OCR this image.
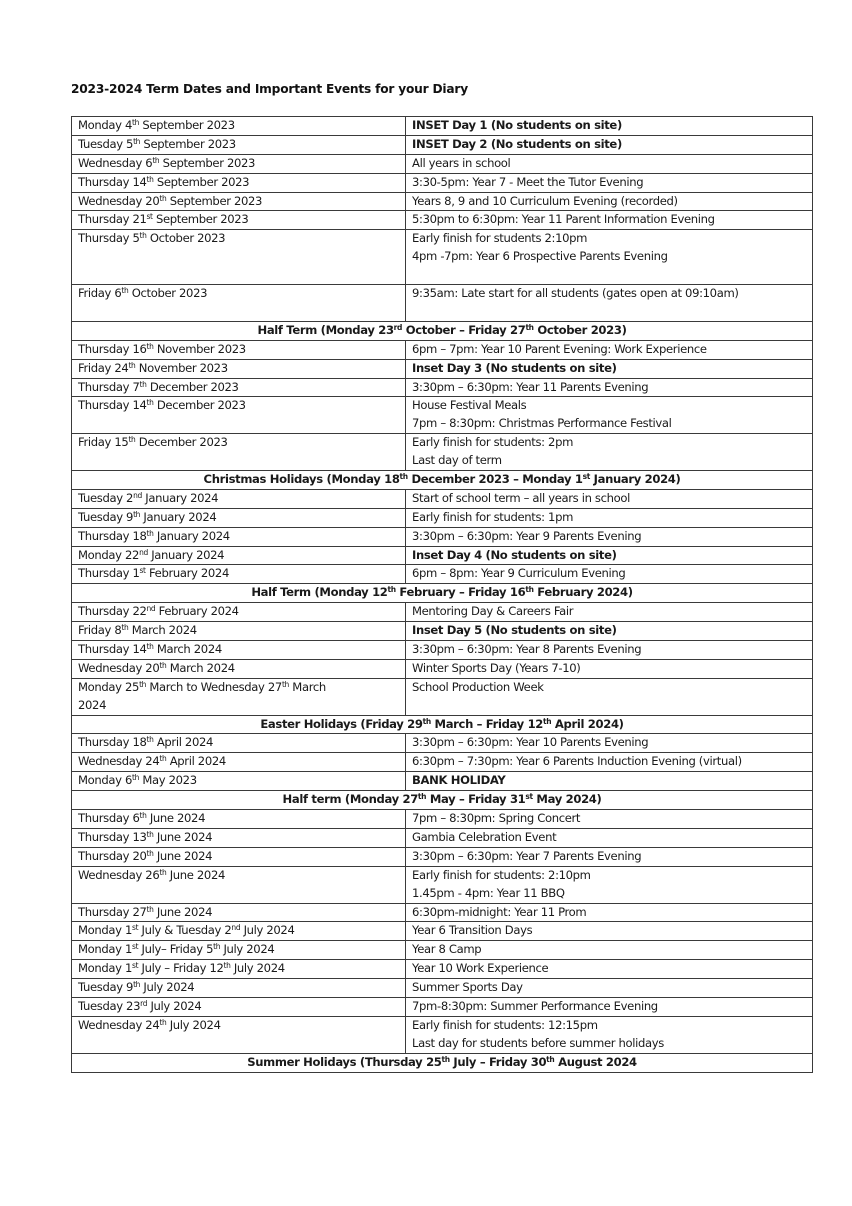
2023-2024 Term Dates and Important Events for your Diary
Monday 4th September 2023	INSET Day 1 (No students on site)

Tuesday 5th September 2023	INSET Day 2 (No students on site)

Wednesday 6th September 2023	All years in school

Thursday 14th September 2023	3:30-5pm: Year 7 - Meet the Tutor Evening

Wednesday 20th September 2023	Years 8, 9 and 10 Curriculum Evening (recorded)

Thursday 21st September 2023	5:30pm to 6:30pm: Year 11 Parent Information Evening

Thursday 5th October 2023	Early finish for students 2:10pm
4pm -7pm: Year 6 Prospective Parents Evening

Friday 6th October 2023	9:35am: Late start for all students (gates open at 09:10am)

Half Term (Monday 23rd October – Friday 27th October 2023)	

Thursday 16th November 2023	6pm – 7pm: Year 10 Parent Evening: Work Experience

Friday 24th November 2023	Inset Day 3 (No students on site)

Thursday 7th December 2023	3:30pm – 6:30pm: Year 11 Parents Evening

Thursday 14th December 2023	House Festival Meals
7pm – 8:30pm: Christmas Performance Festival

Friday 15th December 2023	Early finish for students: 2pm
Last day of term

Christmas Holidays (Monday 18th December 2023 – Monday 1st January 2024)	

Tuesday 2nd January 2024	Start of school term – all years in school

Tuesday 9th January 2024	Early finish for students: 1pm

Thursday 18th January 2024	3:30pm – 6:30pm: Year 9 Parents Evening

Monday 22nd January 2024	Inset Day 4 (No students on site)

Thursday 1st February 2024	6pm – 8pm: Year 9 Curriculum Evening

Half Term (Monday 12th February – Friday 16th February 2024)	

Thursday 22nd February 2024	Mentoring Day & Careers Fair

Friday 8th March 2024	Inset Day 5 (No students on site)

Thursday 14th March 2024	3:30pm – 6:30pm: Year 8 Parents Evening

Wednesday 20th March 2024	Winter Sports Day (Years 7-10)

Monday 25th March to Wednesday 27th March
2024	School Production Week

Easter Holidays (Friday 29th March – Friday 12th April 2024)	

Thursday 18th April 2024	3:30pm – 6:30pm: Year 10 Parents Evening

Wednesday 24th April 2024	6:30pm – 7:30pm: Year 6 Parents Induction Evening (virtual)

Monday 6th May 2023	BANK HOLIDAY

Half term (Monday 27th May – Friday 31st May 2024)	

Thursday 6th June 2024	7pm – 8:30pm: Spring Concert

Thursday 13th June 2024	Gambia Celebration Event

Thursday 20th June 2024	3:30pm – 6:30pm: Year 7 Parents Evening

Wednesday 26th June 2024	Early finish for students: 2:10pm
1.45pm - 4pm: Year 11 BBQ

Thursday 27th June 2024	6:30pm-midnight: Year 11 Prom

Monday 1st July & Tuesday 2nd July 2024	Year 6 Transition Days

Monday 1st July– Friday 5th July 2024	Year 8 Camp

Monday 1st July – Friday 12th July 2024	Year 10 Work Experience

Tuesday 9th July 2024	Summer Sports Day

Tuesday 23rd July 2024	7pm-8:30pm: Summer Performance Evening

Wednesday 24th July 2024	Early finish for students: 12:15pm
Last day for students before summer holidays

Summer Holidays (Thursday 25th July – Friday 30th August 2024	
